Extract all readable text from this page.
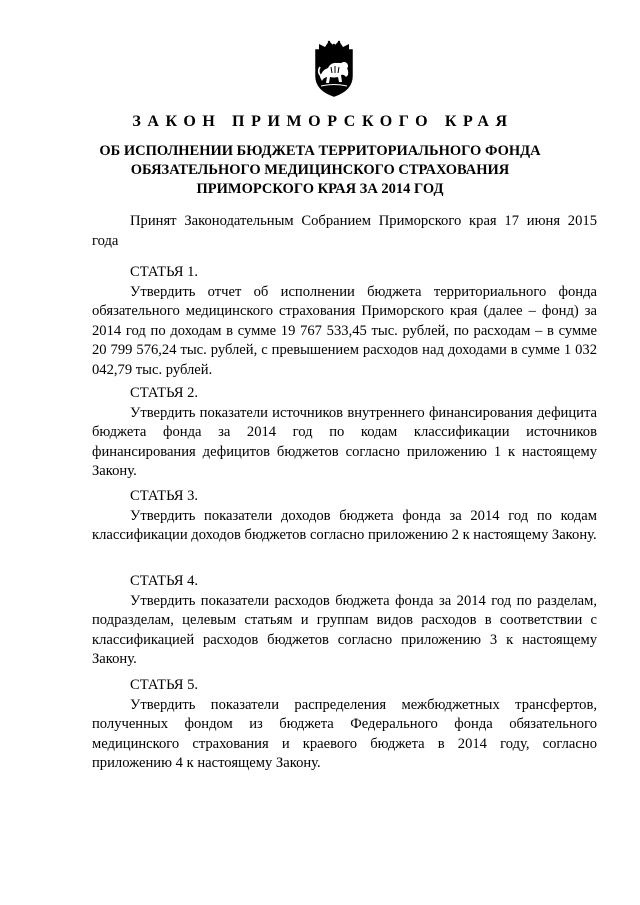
ЗАКОН ПРИМОРСКОГО КРАЯ
ОБ ИСПОЛНЕНИИ БЮДЖЕТА ТЕРРИТОРИАЛЬНОГО ФОНДА
ОБЯЗАТЕЛЬНОГО МЕДИЦИНСКОГО СТРАХОВАНИЯ
ПРИМОРСКОГО КРАЯ ЗА 2014 ГОД
Принят Законодательным Собранием Приморского края 17 июня 2015 года
СТАТЬЯ 1.
Утвердить отчет об исполнении бюджета территориального фонда обязательного медицинского страхования Приморского края (далее – фонд) за 2014 год по доходам в сумме 19 767 533,45 тыс. рублей, по расходам – в сумме 20 799 576,24 тыс. рублей, с превышением расходов над доходами в сумме 1 032 042,79 тыс. рублей.
СТАТЬЯ 2.
Утвердить показатели источников внутреннего финансирования дефицита бюджета фонда за 2014 год по кодам классификации источников финансирования дефицитов бюджетов согласно приложению 1 к настоящему Закону.
СТАТЬЯ 3.
Утвердить показатели доходов бюджета фонда за 2014 год по кодам классификации доходов бюджетов согласно приложению 2 к настоящему Закону.
СТАТЬЯ 4.
Утвердить показатели расходов бюджета фонда за 2014 год по разделам, подразделам, целевым статьям и группам видов расходов в соответствии с классификацией расходов бюджетов согласно приложению 3 к настоящему Закону.
СТАТЬЯ 5.
Утвердить показатели распределения межбюджетных трансфертов, полученных фондом из бюджета Федерального фонда обязательного медицинского страхования и краевого бюджета в 2014 году, согласно приложению 4 к настоящему Закону.
